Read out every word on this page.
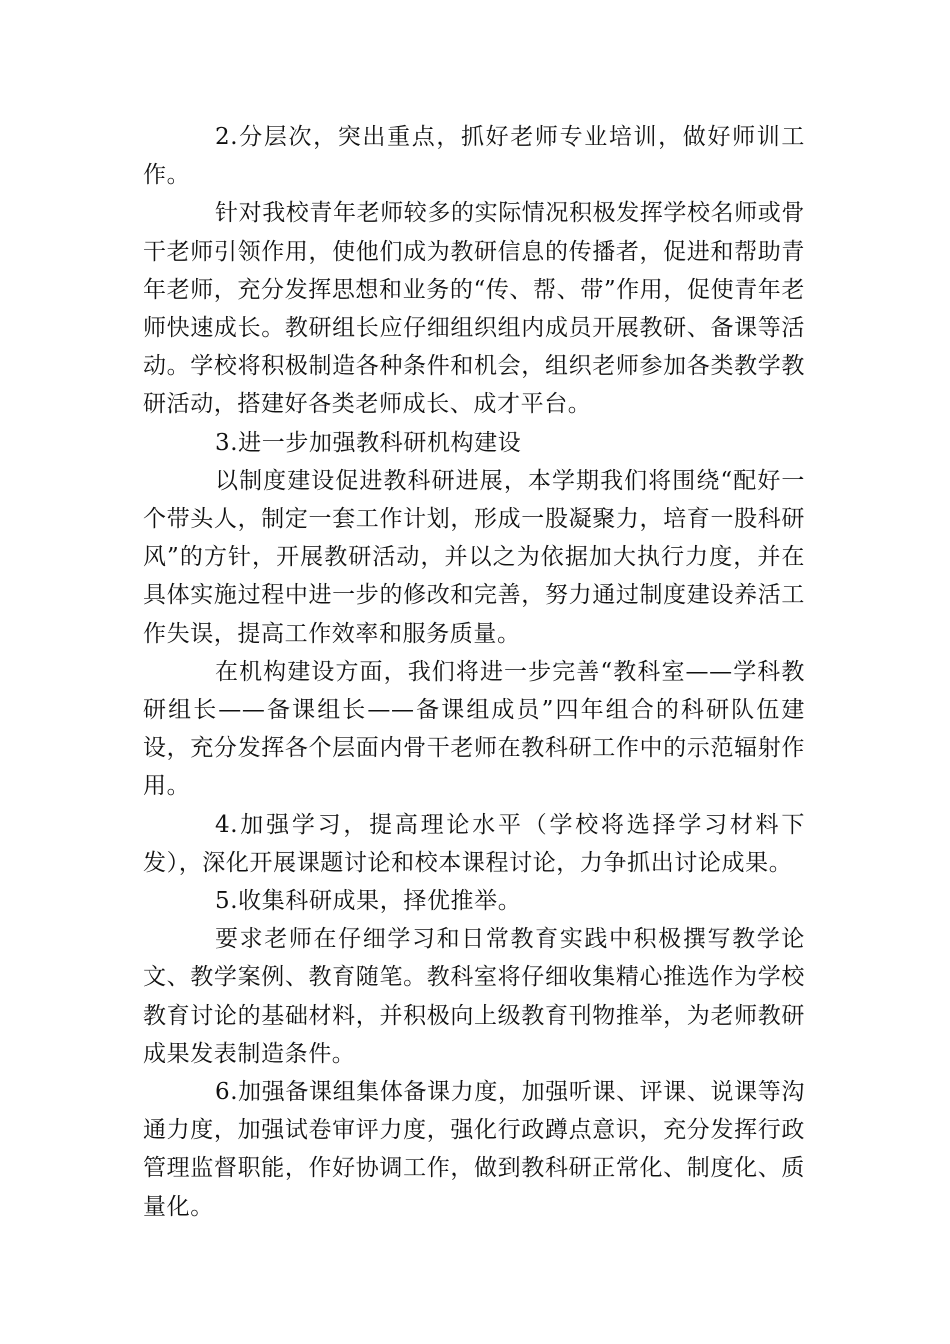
2.分层次，突出重点，抓好老师专业培训，做好师训工作。

针对我校青年老师较多的实际情况积极发挥学校名师或骨干老师引领作用，使他们成为教研信息的传播者，促进和帮助青年老师，充分发挥思想和业务的“传、帮、带”作用，促使青年老师快速成长。教研组长应仔细组织组内成员开展教研、备课等活动。学校将积极制造各种条件和机会，组织老师参加各类教学教研活动，搭建好各类老师成长、成才平台。

3.进一步加强教科研机构建设

以制度建设促进教科研进展，本学期我们将围绕“配好一个带头人，制定一套工作计划，形成一股凝聚力，培育一股科研风”的方针，开展教研活动，并以之为依据加大执行力度，并在具体实施过程中进一步的修改和完善，努力通过制度建设养活工作失误，提高工作效率和服务质量。

在机构建设方面，我们将进一步完善“教科室——学科教研组长——备课组长——备课组成员”四年组合的科研队伍建设，充分发挥各个层面内骨干老师在教科研工作中的示范辐射作用。

4.加强学习，提高理论水平（学校将选择学习材料下发），深化开展课题讨论和校本课程讨论，力争抓出讨论成果。

5.收集科研成果，择优推举。

要求老师在仔细学习和日常教育实践中积极撰写教学论文、教学案例、教育随笔。教科室将仔细收集精心推选作为学校教育讨论的基础材料，并积极向上级教育刊物推举，为老师教研成果发表制造条件。

6.加强备课组集体备课力度，加强听课、评课、说课等沟通力度，加强试卷审评力度，强化行政蹲点意识，充分发挥行政管理监督职能，作好协调工作，做到教科研正常化、制度化、质量化。
